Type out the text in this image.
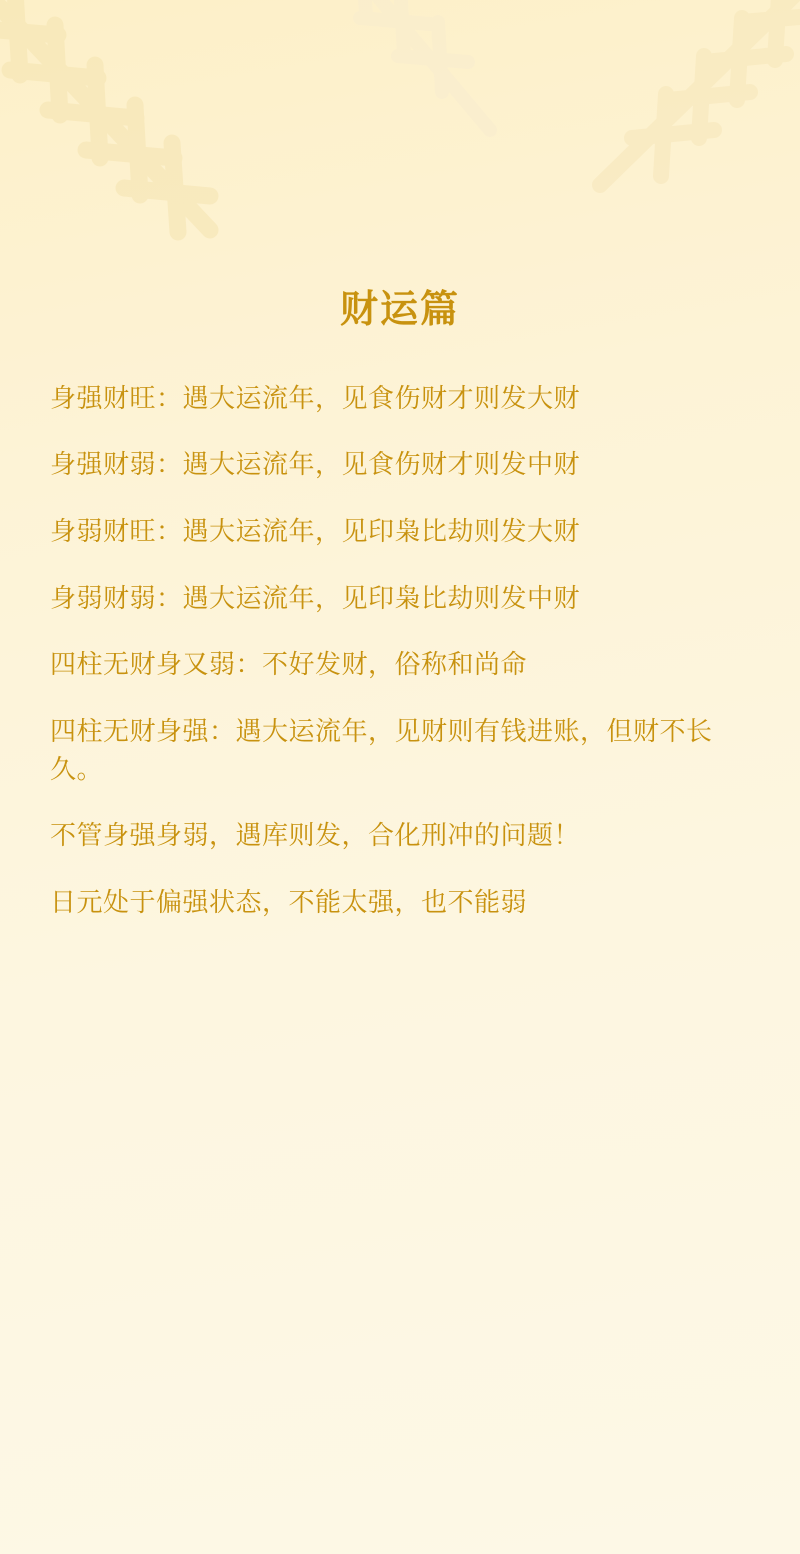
财运篇

身强财旺：遇大运流年，见食伤财才则发大财

身强财弱：遇大运流年，见食伤财才则发中财

身弱财旺：遇大运流年，见印枭比劫则发大财

身弱财弱：遇大运流年，见印枭比劫则发中财

四柱无财身又弱：不好发财，俗称和尚命

四柱无财身强：遇大运流年，见财则有钱进账，但财不长久。

不管身强身弱，遇库则发，合化刑冲的问题！

日元处于偏强状态，不能太强，也不能弱
